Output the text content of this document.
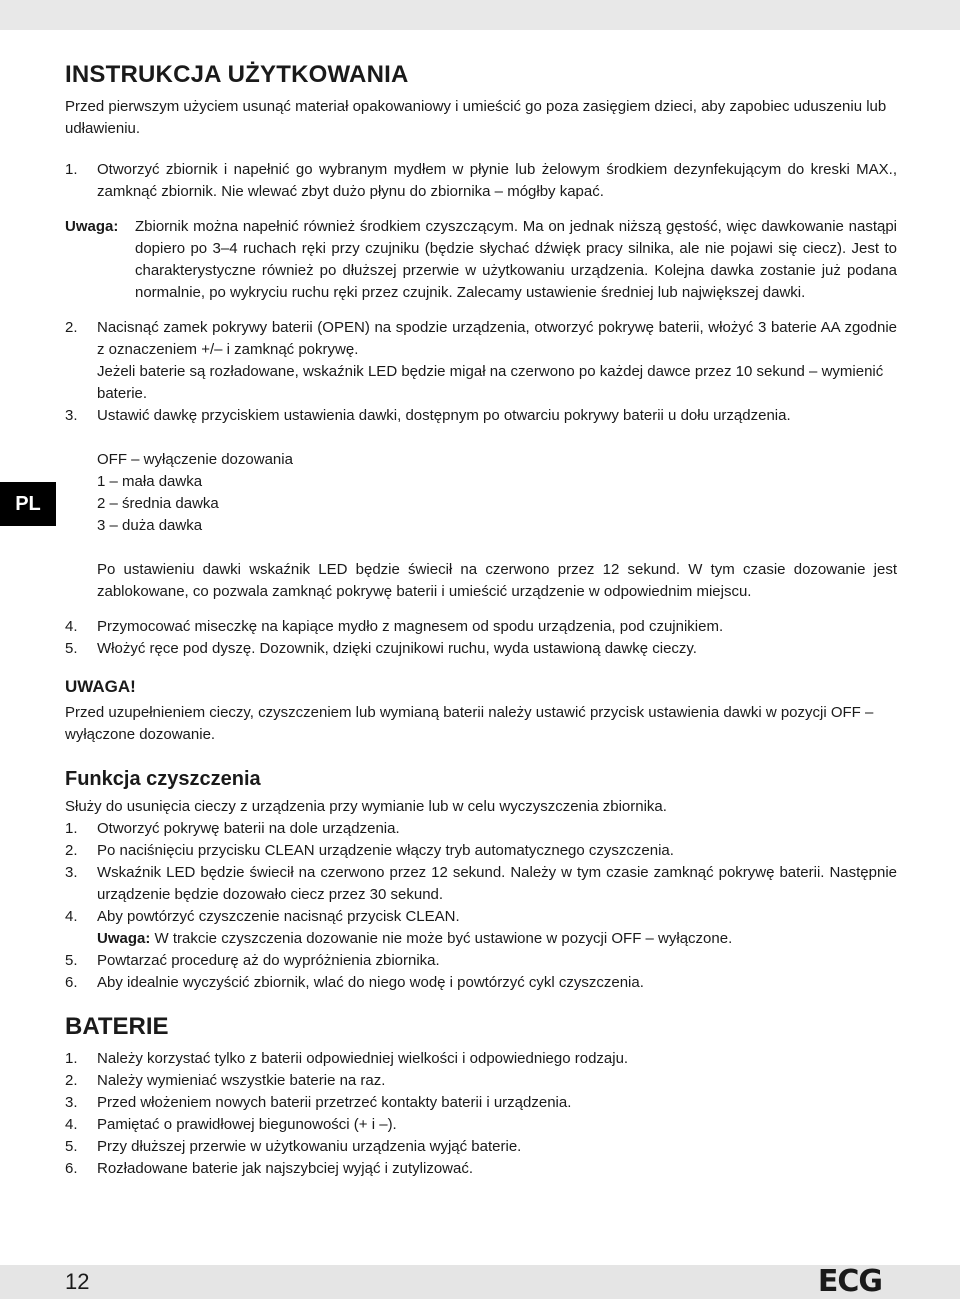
PL
INSTRUKCJA UŻYTKOWANIA

Przed pierwszym użyciem usunąć materiał opakowaniowy i umieścić go poza zasięgiem dzieci, aby zapobiec uduszeniu lub udławieniu.

1.	Otworzyć zbiornik i napełnić go wybranym mydłem w płynie lub żelowym środkiem dezynfekującym do kreski MAX., zamknąć zbiornik. Nie wlewać zbyt dużo płynu do zbiornika – mógłby kapać.
Uwaga:	Zbiornik można napełnić również środkiem czyszczącym. Ma on jednak niższą gęstość, więc dawkowanie nastąpi dopiero po 3–4 ruchach ręki przy czujniku (będzie słychać dźwięk pracy silnika, ale nie pojawi się ciecz). Jest to charakterystyczne również po dłuższej przerwie w użytkowaniu urządzenia. Kolejna dawka zostanie już podana normalnie, po wykryciu ruchu ręki przez czujnik. Zalecamy ustawienie średniej lub największej dawki.
2.	Nacisnąć zamek pokrywy baterii (OPEN) na spodzie urządzenia, otworzyć pokrywę baterii, włożyć 3 baterie AA zgodnie z oznaczeniem +/– i zamknąć pokrywę.

Jeżeli baterie są rozładowane, wskaźnik LED będzie migał na czerwono po każdej dawce przez 10 sekund – wymienić baterie.

3.	Ustawić dawkę przyciskiem ustawienia dawki, dostępnym po otwarciu pokrywy baterii u dołu urządzenia.
OFF – wyłączenie dozowania
1 – mała dawka
2 – średnia dawka
3 – duża dawka

Po ustawieniu dawki wskaźnik LED będzie świecił na czerwono przez 12 sekund. W tym czasie dozowanie jest zablokowane, co pozwala zamknąć pokrywę baterii i umieścić urządzenie w odpowiednim miejscu.

4.	Przymocować miseczkę na kapiące mydło z magnesem od spodu urządzenia, pod czujnikiem.
5.	Włożyć ręce pod dyszę. Dozownik, dzięki czujnikowi ruchu, wyda ustawioną dawkę cieczy.
UWAGA!

Przed uzupełnieniem cieczy, czyszczeniem lub wymianą baterii należy ustawić przycisk ustawienia dawki w pozycji OFF – wyłączone dozowanie.

Funkcja czyszczenia

Służy do usunięcia cieczy z urządzenia przy wymianie lub w celu wyczyszczenia zbiornika.

1.	Otworzyć pokrywę baterii na dole urządzenia.
2.	Po naciśnięciu przycisku CLEAN urządzenie włączy tryb automatycznego czyszczenia.
3.	Wskaźnik LED będzie świecił na czerwono przez 12 sekund. Należy w tym czasie zamknąć pokrywę baterii. Następnie urządzenie będzie dozowało ciecz przez 30 sekund.
4.	Aby powtórzyć czyszczenie nacisnąć przycisk CLEAN.

Uwaga: W trakcie czyszczenia dozowanie nie może być ustawione w pozycji OFF – wyłączone.

5.	Powtarzać procedurę aż do wypróżnienia zbiornika.
6.	Aby idealnie wyczyścić zbiornik, wlać do niego wodę i powtórzyć cykl czyszczenia.
BATERIE
1.	Należy korzystać tylko z baterii odpowiedniej wielkości i odpowiedniego rodzaju.
2.	Należy wymieniać wszystkie baterie na raz.
3.	Przed włożeniem nowych baterii przetrzeć kontakty baterii i urządzenia.
4.	Pamiętać o prawidłowej biegunowości (+ i –).
5.	Przy dłuższej przerwie w użytkowaniu urządzenia wyjąć baterie.
6.	Rozładowane baterie jak najszybciej wyjąć i zutylizować.
12	ECG
